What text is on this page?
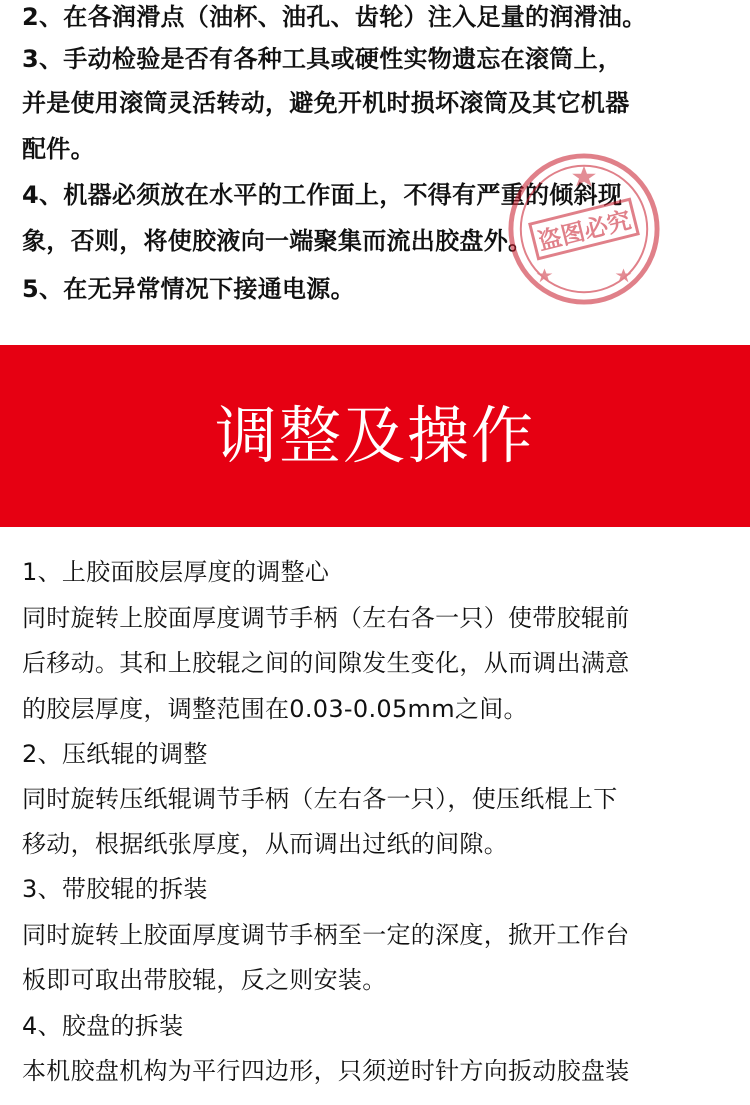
2、在各润滑点（油杯、油孔、齿轮）注入足量的润滑油。
3、手动检验是否有各种工具或硬性实物遗忘在滚筒上，
并是使用滚筒灵活转动，避免开机时损坏滚筒及其它机器
配件。
4、机器必须放在水平的工作面上，不得有严重的倾斜现
象，否则，将使胶液向一端聚集而流出胶盘外。
5、在无异常情况下接通电源。
盗图必究
调整及操作
1、上胶面胶层厚度的调整心
同时旋转上胶面厚度调节手柄（左右各一只）使带胶辊前
后移动。其和上胶辊之间的间隙发生变化，从而调出满意
的胶层厚度，调整范围在0.03-0.05mm之间。
2、压纸辊的调整
同时旋转压纸辊调节手柄（左右各一只），使压纸棍上下
移动，根据纸张厚度，从而调出过纸的间隙。
3、带胶辊的拆装
同时旋转上胶面厚度调节手柄至一定的深度，掀开工作台
板即可取出带胶辊，反之则安装。
4、胶盘的拆装
本机胶盘机构为平行四边形，只须逆时针方向扳动胶盘装
